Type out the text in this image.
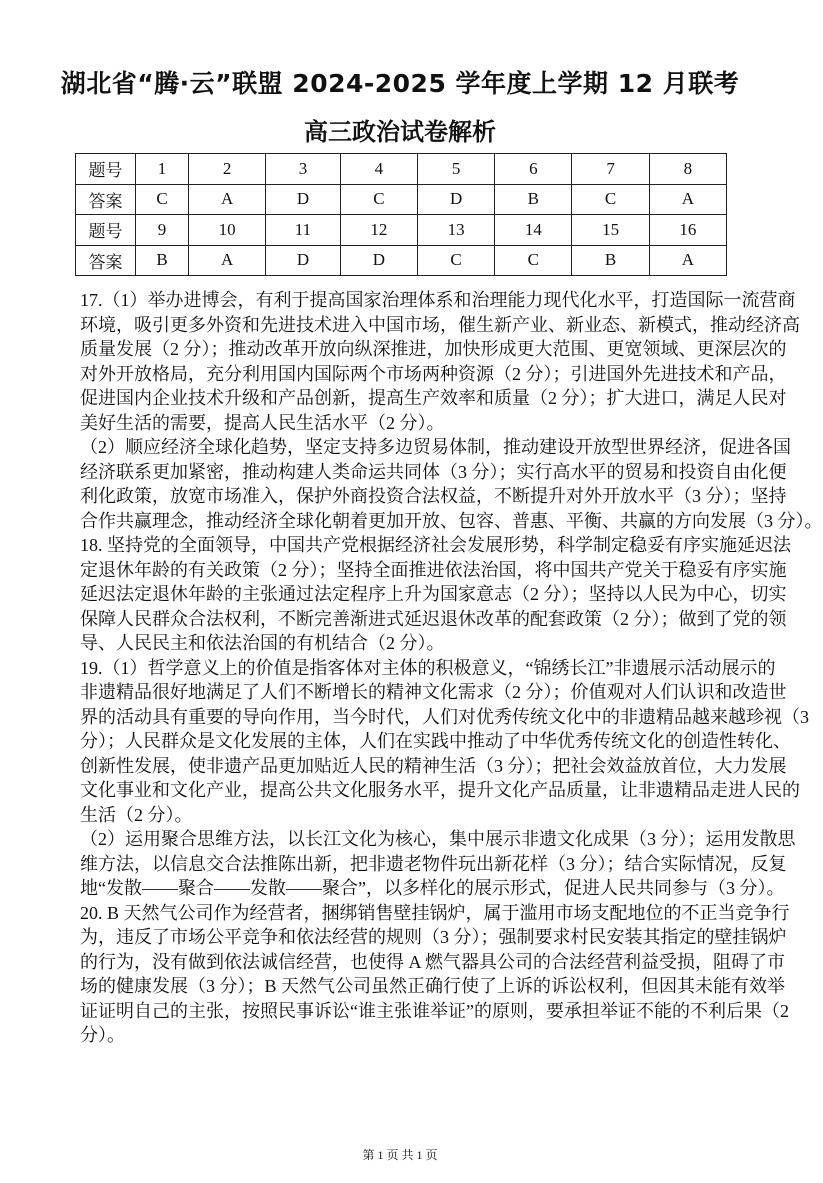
湖北省“腾·云”联盟 2024-2025 学年度上学期 12 月联考
高三政治试卷解析
题号	1	2	3	4	5	6	7	8
答案	C	A	D	C	D	B	C	A
题号	9	10	11	12	13	14	15	16
答案	B	A	D	D	C	C	B	A
17.（1）举办进博会，有利于提高国家治理体系和治理能力现代化水平，打造国际一流营商
环境，吸引更多外资和先进技术进入中国市场，催生新产业、新业态、新模式，推动经济高
质量发展（2 分）；推动改革开放向纵深推进，加快形成更大范围、更宽领域、更深层次的
对外开放格局，充分利用国内国际两个市场两种资源（2 分）；引进国外先进技术和产品，
促进国内企业技术升级和产品创新，提高生产效率和质量（2 分）；扩大进口，满足人民对
美好生活的需要，提高人民生活水平（2 分）。
（2）顺应经济全球化趋势，坚定支持多边贸易体制，推动建设开放型世界经济，促进各国
经济联系更加紧密，推动构建人类命运共同体（3 分）；实行高水平的贸易和投资自由化便
利化政策，放宽市场准入，保护外商投资合法权益，不断提升对外开放水平（3 分）；坚持
合作共赢理念，推动经济全球化朝着更加开放、包容、普惠、平衡、共赢的方向发展（3 分）。
18. 坚持党的全面领导，中国共产党根据经济社会发展形势，科学制定稳妥有序实施延迟法
定退休年龄的有关政策（2 分）；坚持全面推进依法治国，将中国共产党关于稳妥有序实施
延迟法定退休年龄的主张通过法定程序上升为国家意志（2 分）；坚持以人民为中心，切实
保障人民群众合法权利，不断完善渐进式延迟退休改革的配套政策（2 分）；做到了党的领
导、人民民主和依法治国的有机结合（2 分）。
19.（1）哲学意义上的价值是指客体对主体的积极意义，“锦绣长江”非遗展示活动展示的
非遗精品很好地满足了人们不断增长的精神文化需求（2 分）；价值观对人们认识和改造世
界的活动具有重要的导向作用，当今时代，人们对优秀传统文化中的非遗精品越来越珍视（3
分）；人民群众是文化发展的主体，人们在实践中推动了中华优秀传统文化的创造性转化、
创新性发展，使非遗产品更加贴近人民的精神生活（3 分）；把社会效益放首位，大力发展
文化事业和文化产业，提高公共文化服务水平，提升文化产品质量，让非遗精品走进人民的
生活（2 分）。
（2）运用聚合思维方法，以长江文化为核心，集中展示非遗文化成果（3 分）；运用发散思
维方法，以信息交合法推陈出新，把非遗老物件玩出新花样（3 分）；结合实际情况，反复
地“发散——聚合——发散——聚合”，以多样化的展示形式，促进人民共同参与（3 分）。
20. B 天然气公司作为经营者，捆绑销售壁挂锅炉，属于滥用市场支配地位的不正当竞争行
为，违反了市场公平竞争和依法经营的规则（3 分）；强制要求村民安装其指定的壁挂锅炉
的行为，没有做到依法诚信经营，也使得 A 燃气器具公司的合法经营利益受损，阻碍了市
场的健康发展（3 分）；B 天然气公司虽然正确行使了上诉的诉讼权利，但因其未能有效举
证证明自己的主张，按照民事诉讼“谁主张谁举证”的原则，要承担举证不能的不利后果（2
分）。
第 1 页 共 1 页
